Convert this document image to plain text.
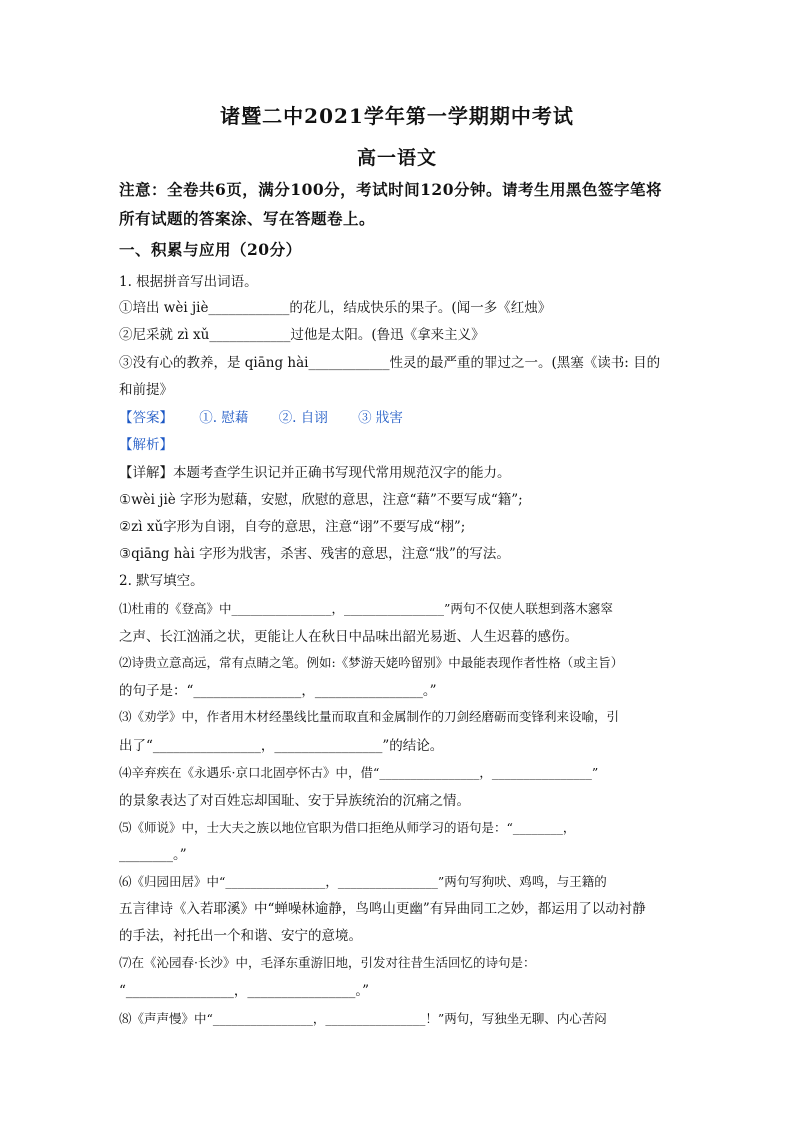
诸暨二中2021学年第一学期期中考试
高一语文
注意：全卷共6页，满分100分，考试时间120分钟。请考生用黑色签字笔将
所有试题的答案涂、写在答题卷上。
一、积累与应用（20分）
1. 根据拼音写出词语。
①培出 wèi jiè____________的花儿，结成快乐的果子。(闻一多《红烛》
②尼采就 zì xǔ____________过他是太阳。(鲁迅《拿来主义》
③没有心的教养，是 qiāng hài____________性灵的最严重的罪过之一。(黑塞《读书: 目的
和前提》
【答案】 ①. 慰藉 ②. 自诩 ③ 戕害
【解析】
【详解】本题考查学生识记并正确书写现代常用规范汉字的能力。
①wèi jiè 字形为慰藉，安慰，欣慰的意思，注意“藉”不要写成“籍”;
②zì xǔ字形为自诩，自夸的意思，注意“诩”不要写成“栩”;
③qiāng hài 字形为戕害，杀害、残害的意思，注意“戕”的写法。
2. 默写填空。
⑴杜甫的《登高》中________________，________________”两句不仅使人联想到落木窸窣
之声、长江汹涌之状，更能让人在秋日中品味出韶光易逝、人生迟暮的感伤。
⑵诗贵立意高远，常有点睛之笔。例如:《梦游天姥吟留别》中最能表现作者性格（或主旨）
的句子是：“________________，________________。”
⑶《劝学》中，作者用木材经墨线比量而取直和金属制作的刀剑经磨砺而变锋利来设喻，引
出了“________________，________________”的结论。
⑷辛弃疾在《永遇乐·京口北固亭怀古》中，借“________________，________________”
的景象表达了对百姓忘却国耻、安于异族统治的沉痛之情。
⑸《师说》中，士大夫之族以地位官职为借口拒绝从师学习的语句是：“________，
________。”
⑹《归园田居》中“________________，________________”两句写狗吠、鸡鸣，与王籍的
五言律诗《入若耶溪》中“蝉噪林逾静，鸟鸣山更幽”有异曲同工之妙，都运用了以动衬静
的手法，衬托出一个和谐、安宁的意境。
⑺在《沁园春·长沙》中，毛泽东重游旧地，引发对往昔生活回忆的诗句是：
“________________，________________。”
⑻《声声慢》中“________________，________________！”两句，写独坐无聊、内心苦闷
